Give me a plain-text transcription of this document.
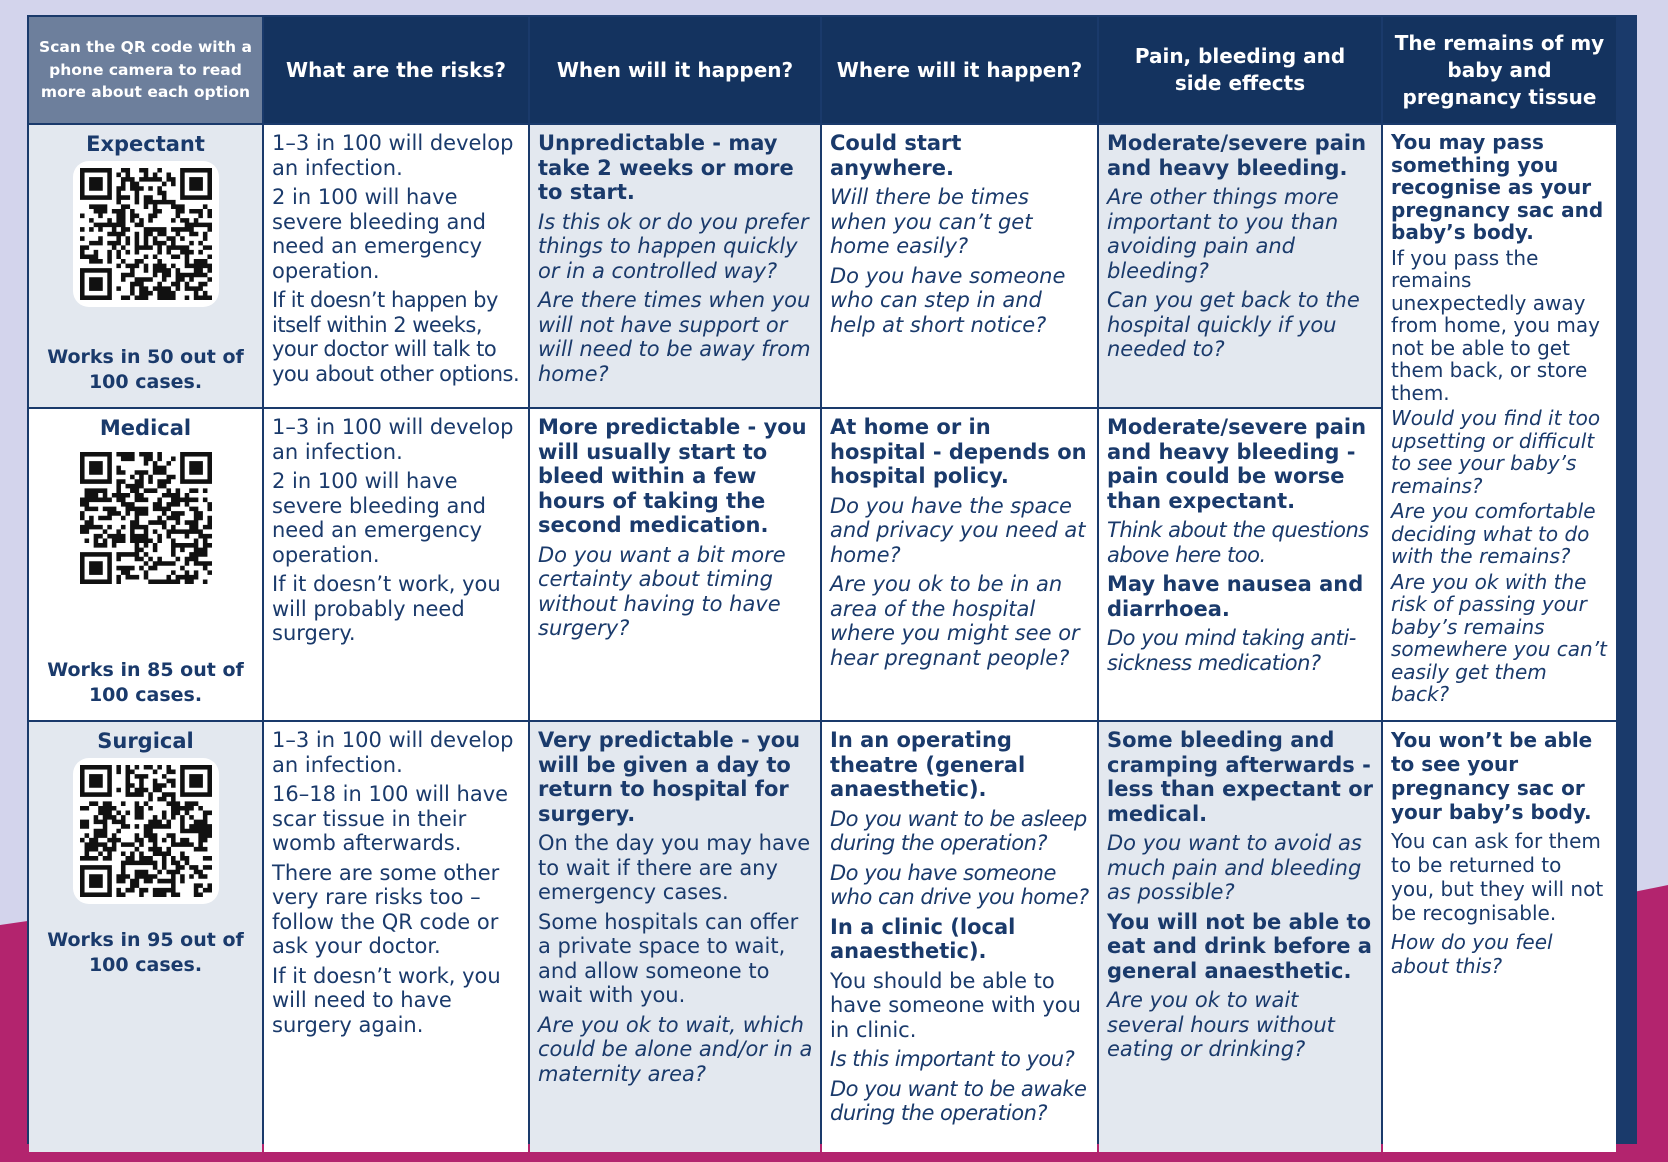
Scan the QR code with a phone camera to read more about each option
What are the risks?	When will it happen? Where will it happen?
Pain, bleeding and side effects
The remains of my baby and pregnancy tissue
Expectant
Works in 50 out of 100 cases.

1–3 in 100 will develop an infection.

2 in 100 will have severe bleeding and need an emergency operation.

If it doesn’t happen by itself within 2 weeks, your doctor will talk to you about other options.

Unpredictable - may take 2 weeks or more to start.

Is this ok or do you prefer things to happen quickly or in a controlled way?

Are there times when you will not have support or will need to be away from home?

Could start anywhere.

Will there be times when you can’t get home easily?

Do you have someone who can step in and help at short notice?

Moderate/severe pain and heavy bleeding.

Are other things more important to you than avoiding pain and bleeding?

Can you get back to the hospital quickly if you needed to?

You may pass something you recognise as your pregnancy sac and baby’s body.

If you pass the remains unexpectedly away from home, you may not be able to get them back, or store them.

Would you find it too upsetting or difficult to see your baby’s remains?

Are you comfortable deciding what to do with the remains?

Are you ok with the risk of passing your baby’s remains somewhere you can’t easily get them back?

Medical
Works in 85 out of 100 cases.

1–3 in 100 will develop an infection.

2 in 100 will have severe bleeding and need an emergency operation.

If it doesn’t work, you will probably need surgery.

More predictable - you will usually start to bleed within a few hours of taking the second medication.

Do you want a bit more certainty about timing without having to have surgery?

At home or in hospital - depends on hospital policy.

Do you have the space and privacy you need at home?

Are you ok to be in an area of the hospital where you might see or hear pregnant people?

Moderate/severe pain and heavy bleeding - pain could be worse than expectant.

Think about the questions above here too.

May have nausea and diarrhoea.

Do you mind taking anti-sickness medication?

Surgical
Works in 95 out of 100 cases.

1–3 in 100 will develop an infection.

16–18 in 100 will have scar tissue in their womb afterwards.

There are some other very rare risks too – follow the QR code or ask your doctor.

If it doesn’t work, you will need to have surgery again.

Very predictable - you will be given a day to return to hospital for surgery.

On the day you may have to wait if there are any emergency cases.

Some hospitals can offer a private space to wait, and allow someone to wait with you.

Are you ok to wait, which could be alone and/or in a maternity area?

In an operating theatre (general anaesthetic).

Do you want to be asleep during the operation?

Do you have someone who can drive you home?

In a clinic (local anaesthetic).

You should be able to have someone with you in clinic.

Is this important to you?

Do you want to be awake during the operation?

Some bleeding and cramping afterwards - less than expectant or medical.

Do you want to avoid as much pain and bleeding as possible?

You will not be able to eat and drink before a general anaesthetic.

Are you ok to wait several hours without eating or drinking?

You won’t be able to see your pregnancy sac or your baby’s body.

You can ask for them to be returned to you, but they will not be recognisable.

How do you feel about this?
